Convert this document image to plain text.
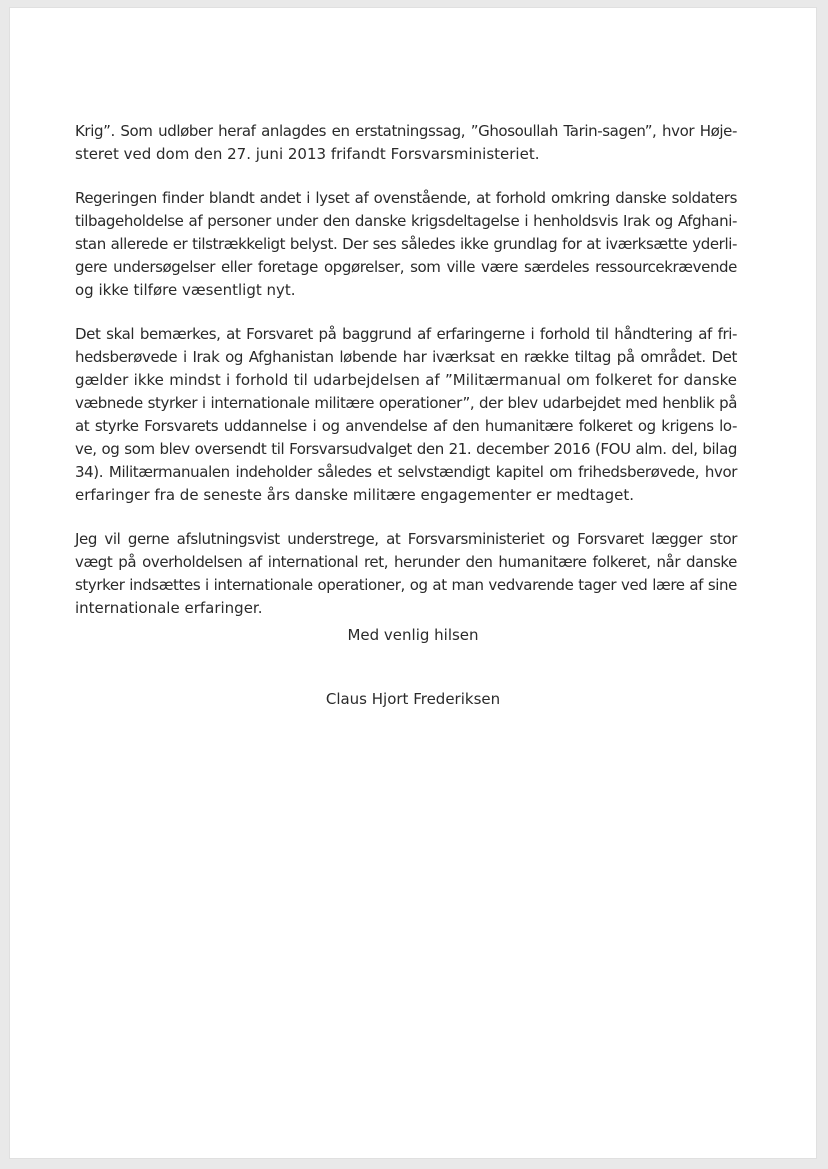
Krig”. Som udløber heraf anlagdes en erstatningssag, ”Ghosoullah Tarin-sagen”, hvor Høje-
steret ved dom den 27. juni 2013 frifandt Forsvarsministeriet.

Regeringen finder blandt andet i lyset af ovenstående, at forhold omkring danske soldaters
tilbageholdelse af personer under den danske krigsdeltagelse i henholdsvis Irak og Afghani-
stan allerede er tilstrækkeligt belyst. Der ses således ikke grundlag for at iværksætte yderli-
gere undersøgelser eller foretage opgørelser, som ville være særdeles ressourcekrævende
og ikke tilføre væsentligt nyt.

Det skal bemærkes, at Forsvaret på baggrund af erfaringerne i forhold til håndtering af fri-
hedsberøvede i Irak og Afghanistan løbende har iværksat en række tiltag på området. Det
gælder ikke mindst i forhold til udarbejdelsen af ”Militærmanual om folkeret for danske
væbnede styrker i internationale militære operationer”, der blev udarbejdet med henblik på
at styrke Forsvarets uddannelse i og anvendelse af den humanitære folkeret og krigens lo-
ve, og som blev oversendt til Forsvarsudvalget den 21. december 2016 (FOU alm. del, bilag
34). Militærmanualen indeholder således et selvstændigt kapitel om frihedsberøvede, hvor
erfaringer fra de seneste års danske militære engagementer er medtaget.

Jeg vil gerne afslutningsvist understrege, at Forsvarsministeriet og Forsvaret lægger stor
vægt på overholdelsen af international ret, herunder den humanitære folkeret, når danske
styrker indsættes i internationale operationer, og at man vedvarende tager ved lære af sine
internationale erfaringer.

Med venlig hilsen
Claus Hjort Frederiksen
